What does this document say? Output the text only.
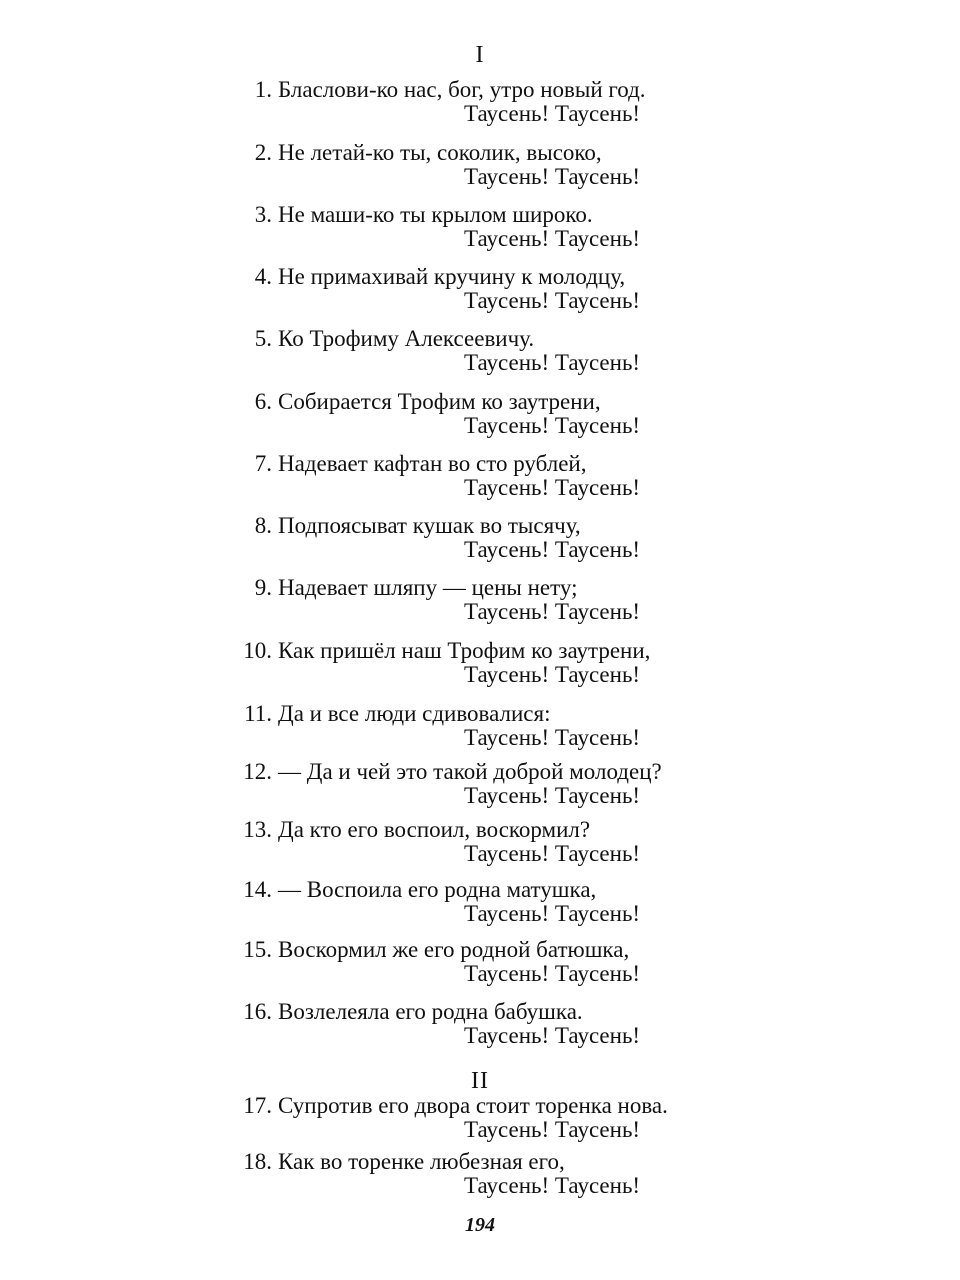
I
1. Бласлови-ко нас, бог, утро новый год.
Таусень! Таусень!
2. Не летай-ко ты, соколик, высоко,
Таусень! Таусень!
3. Не маши-ко ты крылом широко.
Таусень! Таусень!
4. Не примахивай кручину к молодцу,
Таусень! Таусень!
5. Ко Трофиму Алексеевичу.
Таусень! Таусень!
6. Собирается Трофим ко заутрени,
Таусень! Таусень!
7. Надевает кафтан во сто рублей,
Таусень! Таусень!
8. Подпоясыват кушак во тысячу,
Таусень! Таусень!
9. Надевает шляпу — цены нету;
Таусень! Таусень!
10. Как пришёл наш Трофим ко заутрени,
Таусень! Таусень!
11. Да и все люди сдивовалися:
Таусень! Таусень!
12. — Да и чей это такой доброй молодец?
Таусень! Таусень!
13. Да кто его воспоил, воскормил?
Таусень! Таусень!
14. — Воспоила его родна матушка,
Таусень! Таусень!
15. Воскормил же его родной батюшка,
Таусень! Таусень!
16. Возлелеяла его родна бабушка.
Таусень! Таусень!
II
17. Супротив его двора стоит торенка нова.
Таусень! Таусень!
18. Как во торенке любезная его,
Таусень! Таусень!
194
